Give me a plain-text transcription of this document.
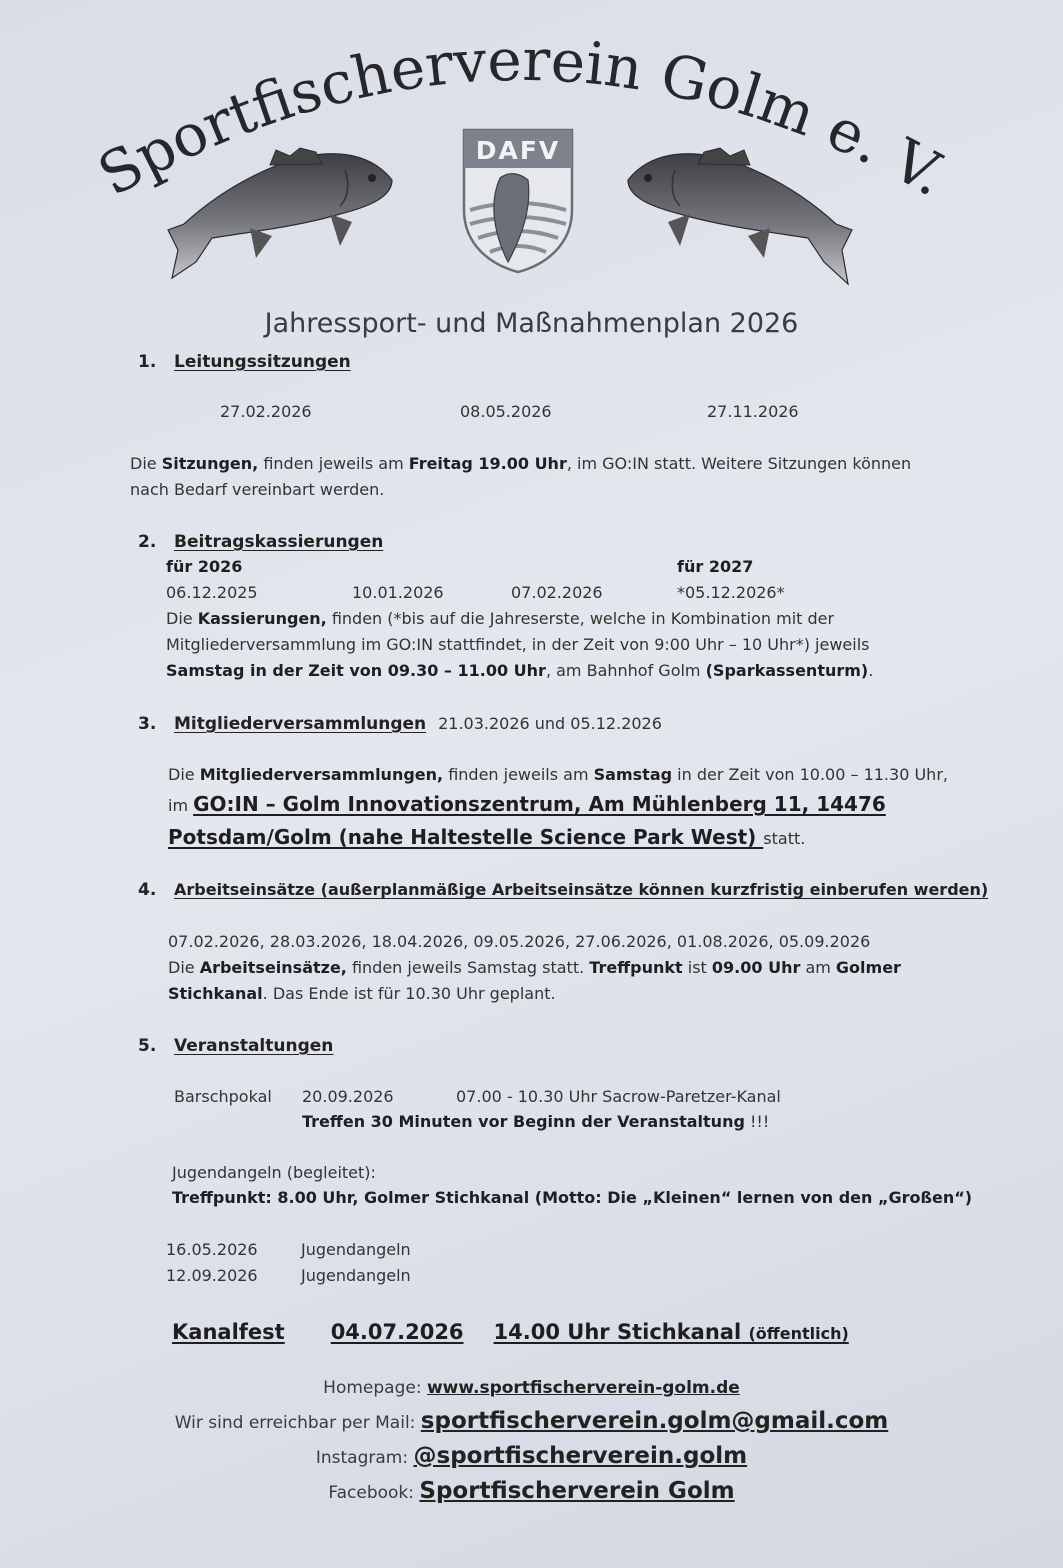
Sportfischerverein Golm e. V.
DAFV
Jahressport- und Maßnahmenplan 2026
1. Leitungssitzungen
27.02.2026	08.05.2026	27.11.2026
Die Sitzungen, finden jeweils am Freitag 19.00 Uhr, im GO:IN statt. Weitere Sitzungen können
nach Bedarf vereinbart werden.
2. Beitragskassierungen
für 2026	für 2027
06.12.2025	10.01.2026	07.02.2026	*05.12.2026*
Die Kassierungen, finden (*bis auf die Jahreserste, welche in Kombination mit der
Mitgliederversammlung im GO:IN stattfindet, in der Zeit von 9:00 Uhr – 10 Uhr*) jeweils
Samstag in der Zeit von 09.30 – 11.00 Uhr, am Bahnhof Golm (Sparkassenturm).
3. Mitgliederversammlungen 21.03.2026 und 05.12.2026
Die Mitgliederversammlungen, finden jeweils am Samstag in der Zeit von 10.00 – 11.30 Uhr,
im GO:IN – Golm Innovationszentrum, Am Mühlenberg 11, 14476
Potsdam/Golm (nahe Haltestelle Science Park West) statt.
4. Arbeitseinsätze (außerplanmäßige Arbeitseinsätze können kurzfristig einberufen werden)
07.02.2026, 28.03.2026, 18.04.2026, 09.05.2026, 27.06.2026, 01.08.2026, 05.09.2026
Die Arbeitseinsätze, finden jeweils Samstag statt. Treffpunkt ist 09.00 Uhr am Golmer
Stichkanal. Das Ende ist für 10.30 Uhr geplant.
5. Veranstaltungen
Barschpokal 20.09.2026	07.00 - 10.30 Uhr Sacrow-Paretzer-Kanal
Treffen 30 Minuten vor Beginn der Veranstaltung !!!
Jugendangeln (begleitet):
Treffpunkt: 8.00 Uhr, Golmer Stichkanal (Motto: Die „Kleinen“ lernen von den „Großen“)
16.05.2026	Jugendangeln
12.09.2026	Jugendangeln
Kanalfest 04.07.2026 14.00 Uhr Stichkanal (öffentlich)
Homepage: www.sportfischerverein-golm.de
Wir sind erreichbar per Mail: sportfischerverein.golm@gmail.com
Instagram: @sportfischerverein.golm
Facebook: Sportfischerverein Golm
